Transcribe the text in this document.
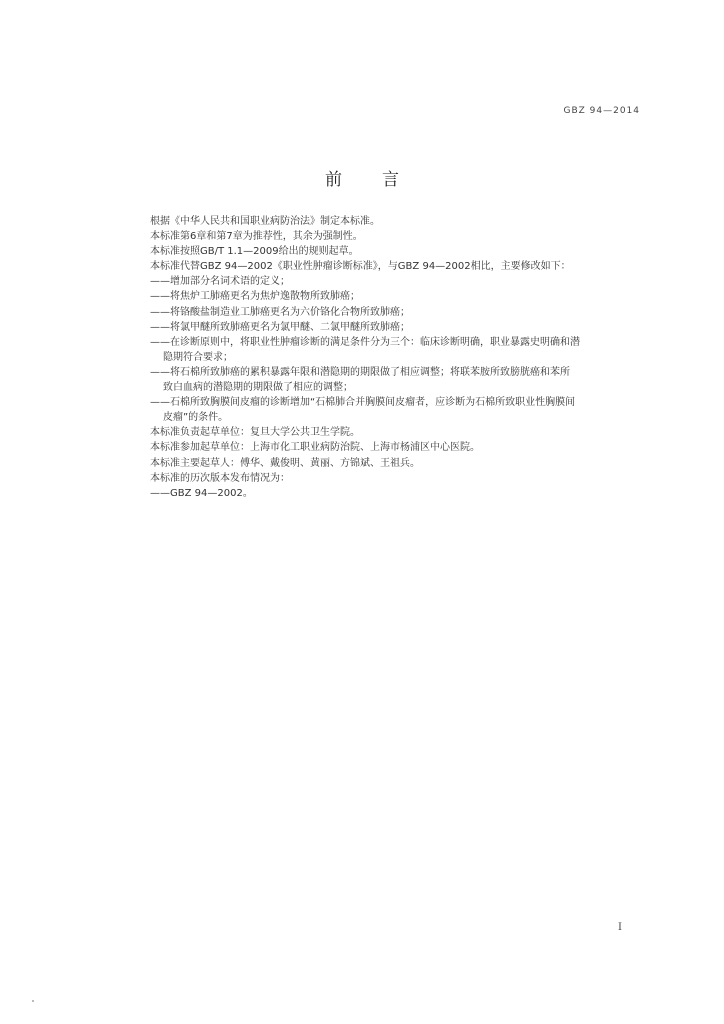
GBZ 94—2014
前言
根据《中华人民共和国职业病防治法》制定本标准。
本标准第6章和第7章为推荐性，其余为强制性。
本标准按照GB/T 1.1—2009给出的规则起草。
本标准代替GBZ 94—2002《职业性肿瘤诊断标准》，与GBZ 94—2002相比，主要修改如下：
——增加部分名词术语的定义；
——将焦炉工肺癌更名为焦炉逸散物所致肺癌；
——将铬酸盐制造业工肺癌更名为六价铬化合物所致肺癌；
——将氯甲醚所致肺癌更名为氯甲醚、二氯甲醚所致肺癌；
——在诊断原则中，将职业性肿瘤诊断的满足条件分为三个：临床诊断明确，职业暴露史明确和潜
隐期符合要求；
——将石棉所致肺癌的累积暴露年限和潜隐期的期限做了相应调整；将联苯胺所致膀胱癌和苯所
致白血病的潜隐期的期限做了相应的调整；
——石棉所致胸膜间皮瘤的诊断增加“石棉肺合并胸膜间皮瘤者，应诊断为石棉所致职业性胸膜间
皮瘤”的条件。
本标准负责起草单位：复旦大学公共卫生学院。
本标准参加起草单位：上海市化工职业病防治院、上海市杨浦区中心医院。
本标准主要起草人：傅华、戴俊明、黄丽、方锦斌、王祖兵。
本标准的历次版本发布情况为：
——GBZ 94—2002。
I
